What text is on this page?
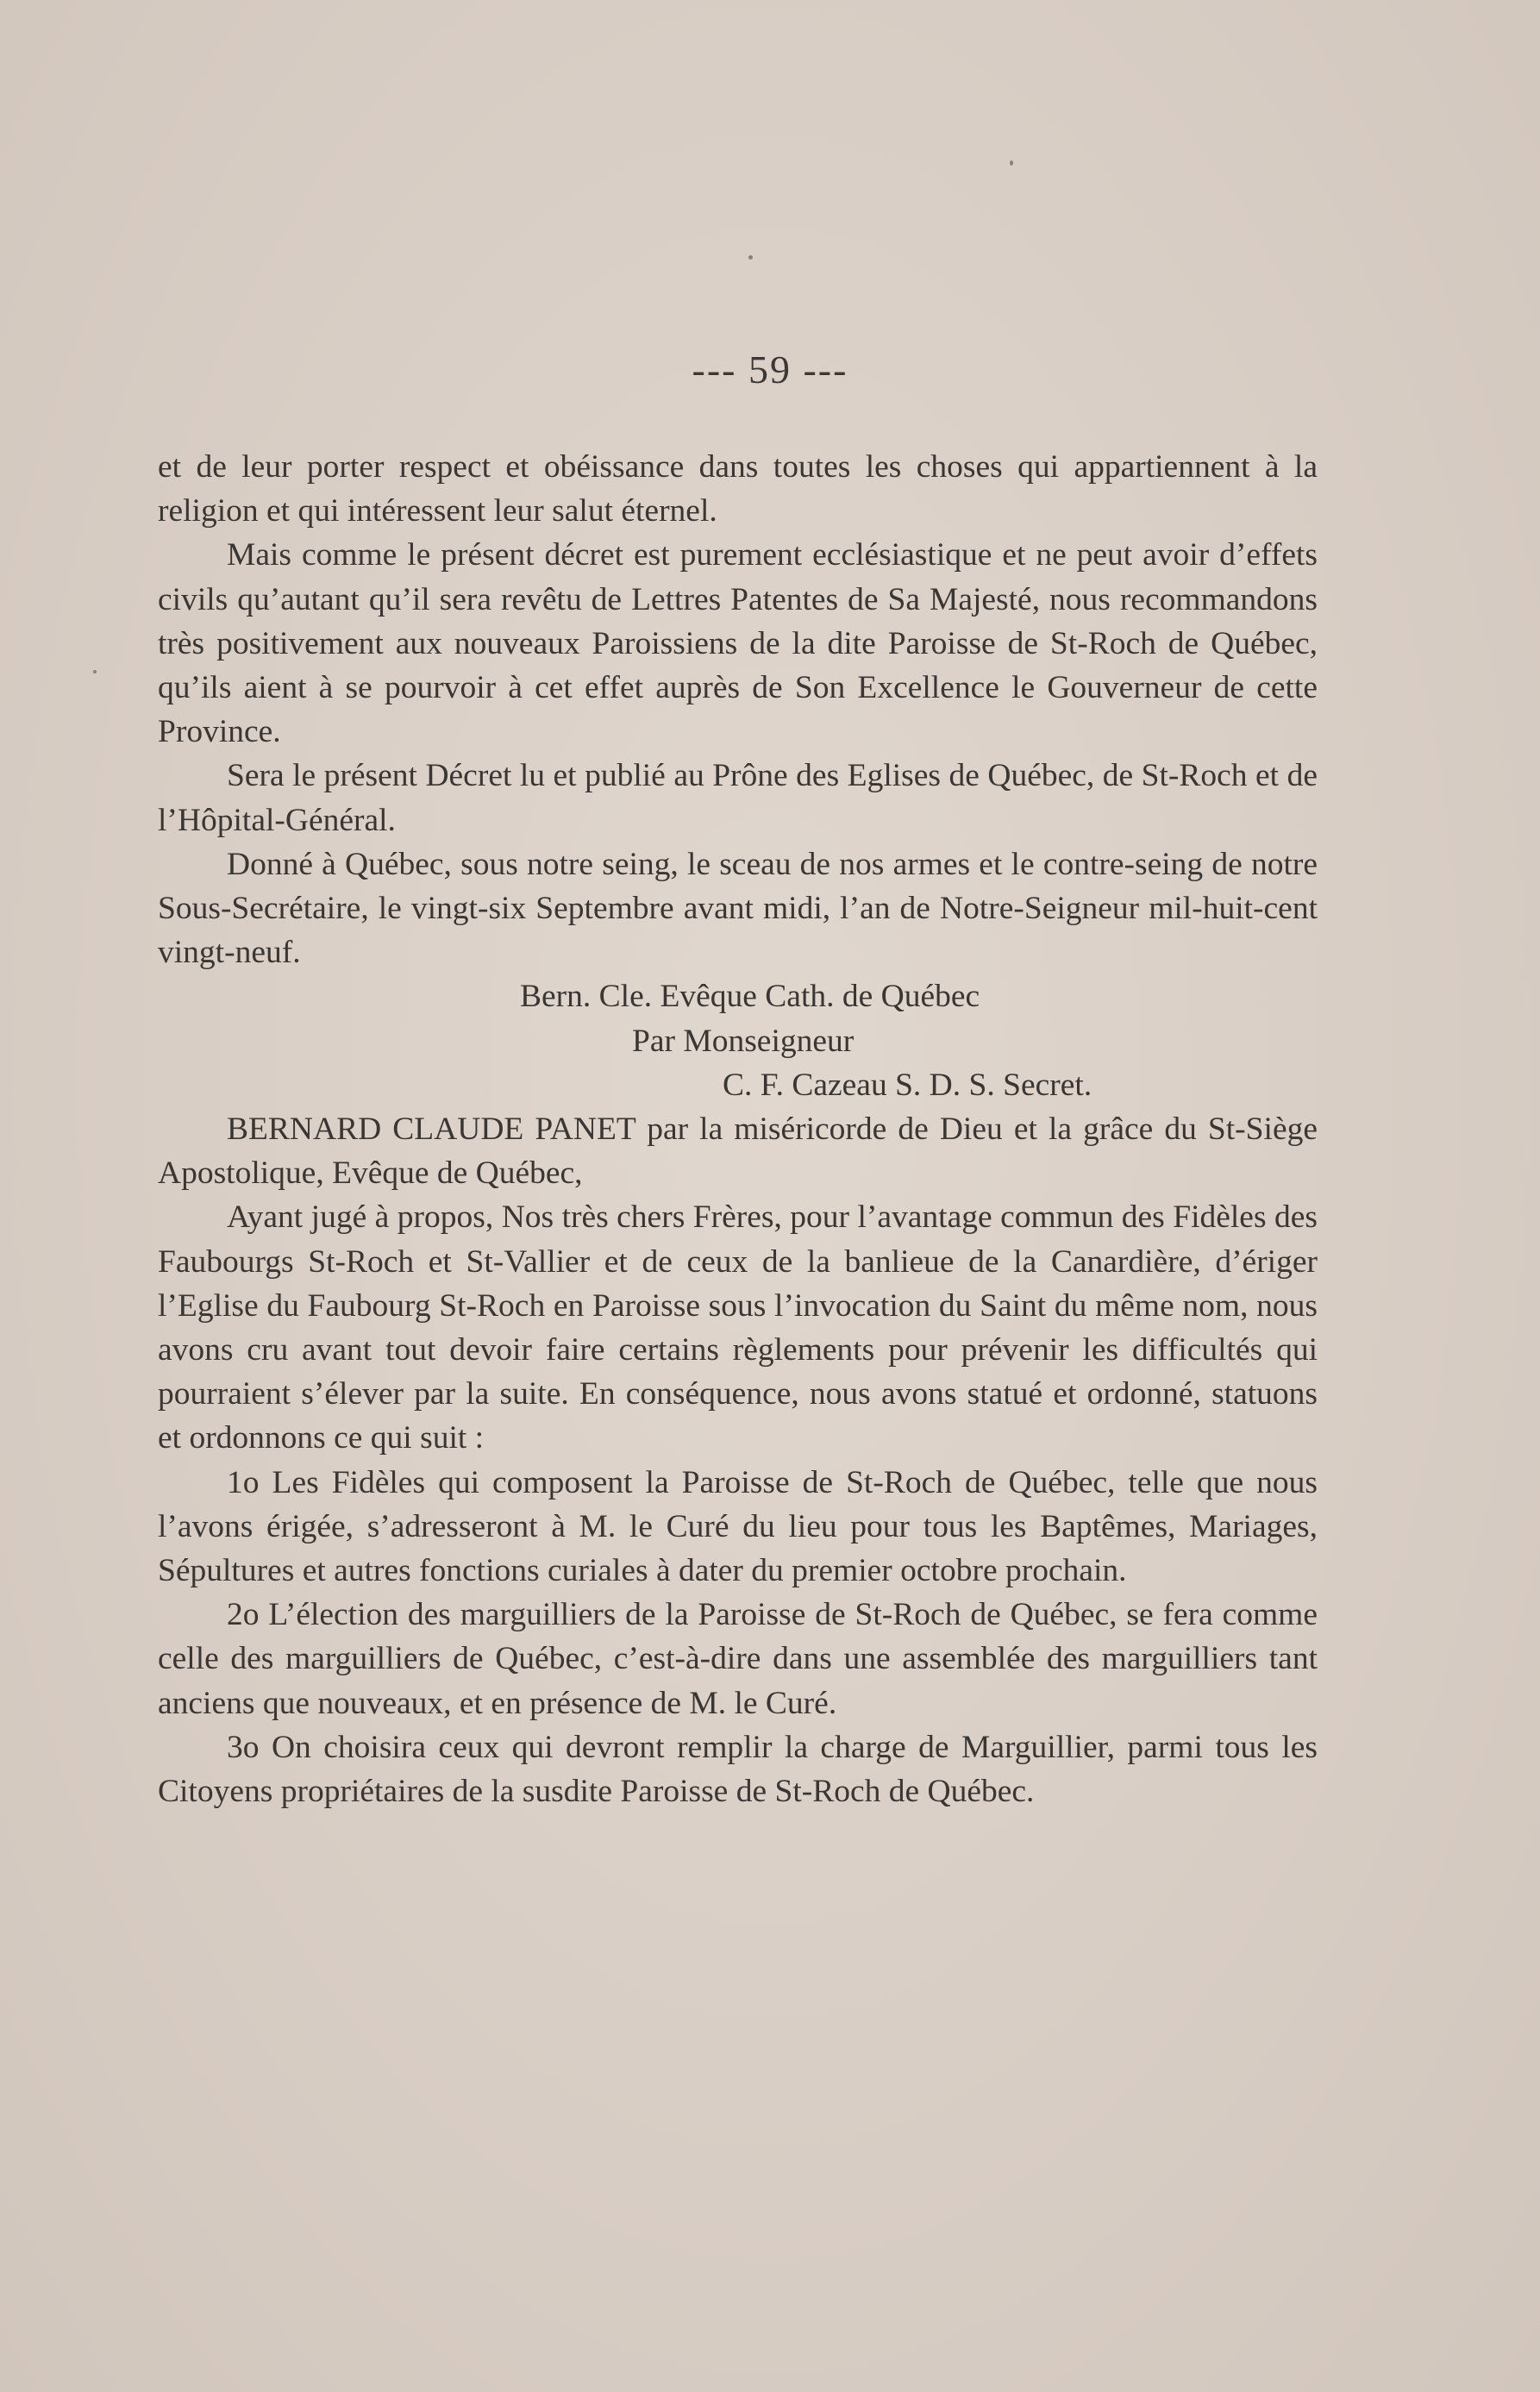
--- 59 ---

et de leur porter respect et obéissance dans toutes les choses qui appartiennent à la religion et qui intéressent leur salut éternel.

Mais comme le présent décret est purement ecclésiastique et ne peut avoir d’effets civils qu’autant qu’il sera revêtu de Lettres Patentes de Sa Majesté, nous recommandons très positivement aux nouveaux Paroissiens de la dite Paroisse de St-Roch de Québec, qu’ils aient à se pourvoir à cet effet auprès de Son Excellence le Gouverneur de cette Province.

Sera le présent Décret lu et publié au Prône des Eglises de Québec, de St-Roch et de l’Hôpital-Général.

Donné à Québec, sous notre seing, le sceau de nos armes et le contre-seing de notre Sous-Secrétaire, le vingt-six Septembre avant midi, l’an de Notre-Seigneur mil-huit-cent vingt-neuf.

Bern. Cle. Evêque Cath. de Québec

Par Monseigneur

C. F. Cazeau S. D. S. Secret.

BERNARD CLAUDE PANET par la miséricorde de Dieu et la grâce du St-Siège Apostolique, Evêque de Québec,

Ayant jugé à propos, Nos très chers Frères, pour l’avantage commun des Fidèles des Faubourgs St-Roch et St-Vallier et de ceux de la banlieue de la Canardière, d’ériger l’Eglise du Faubourg St-Roch en Paroisse sous l’invocation du Saint du même nom, nous avons cru avant tout devoir faire certains règlements pour prévenir les difficultés qui pourraient s’élever par la suite. En conséquence, nous avons statué et ordonné, statuons et ordonnons ce qui suit :

1o Les Fidèles qui composent la Paroisse de St-Roch de Québec, telle que nous l’avons érigée, s’adresseront à M. le Curé du lieu pour tous les Baptêmes, Mariages, Sépultures et autres fonctions curiales à dater du premier octobre prochain.

2o L’élection des marguilliers de la Paroisse de St-Roch de Québec, se fera comme celle des marguilliers de Québec, c’est-à-dire dans une assemblée des marguilliers tant anciens que nouveaux, et en présence de M. le Curé.

3o On choisira ceux qui devront remplir la charge de Marguillier, parmi tous les Citoyens propriétaires de la susdite Paroisse de St-Roch de Québec.
